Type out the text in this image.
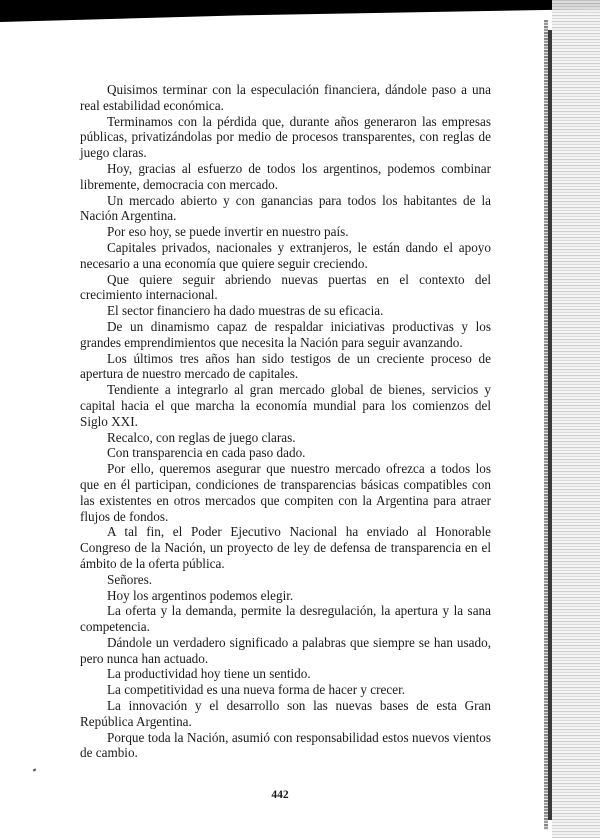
Quisimos terminar con la especulación financiera, dándole paso a una real estabilidad económica.

Terminamos con la pérdida que, durante años generaron las empresas públicas, privatizándolas por medio de procesos transparentes, con reglas de juego claras.

Hoy, gracias al esfuerzo de todos los argentinos, podemos combinar libremente, democracia con mercado.

Un mercado abierto y con ganancias para todos los habitantes de la Nación Argentina.

Por eso hoy, se puede invertir en nuestro país.

Capitales privados, nacionales y extranjeros, le están dando el apoyo necesario a una economía que quiere seguir creciendo.

Que quiere seguir abriendo nuevas puertas en el contexto del crecimiento internacional.

El sector financiero ha dado muestras de su eficacia.

De un dinamismo capaz de respaldar iniciativas productivas y los grandes emprendimientos que necesita la Nación para seguir avanzando.

Los últimos tres años han sido testigos de un creciente proceso de apertura de nuestro mercado de capitales.

Tendiente a integrarlo al gran mercado global de bienes, servicios y capital hacia el que marcha la economía mundial para los comienzos del Siglo XXI.

Recalco, con reglas de juego claras.

Con transparencia en cada paso dado.

Por ello, queremos asegurar que nuestro mercado ofrezca a todos los que en él participan, condiciones de transparencias básicas compatibles con las existentes en otros mercados que compiten con la Argentina para atraer flujos de fondos.

A tal fin, el Poder Ejecutivo Nacional ha enviado al Honorable Congreso de la Nación, un proyecto de ley de defensa de transparencia en el ámbito de la oferta pública.

Señores.

Hoy los argentinos podemos elegir.

La oferta y la demanda, permite la desregulación, la apertura y la sana competencia.

Dándole un verdadero significado a palabras que siempre se han usado, pero nunca han actuado.

La productividad hoy tiene un sentido.

La competitividad es una nueva forma de hacer y crecer.

La innovación y el desarrollo son las nuevas bases de esta Gran República Argentina.

Porque toda la Nación, asumió con responsabilidad estos nuevos vientos de cambio.

442
